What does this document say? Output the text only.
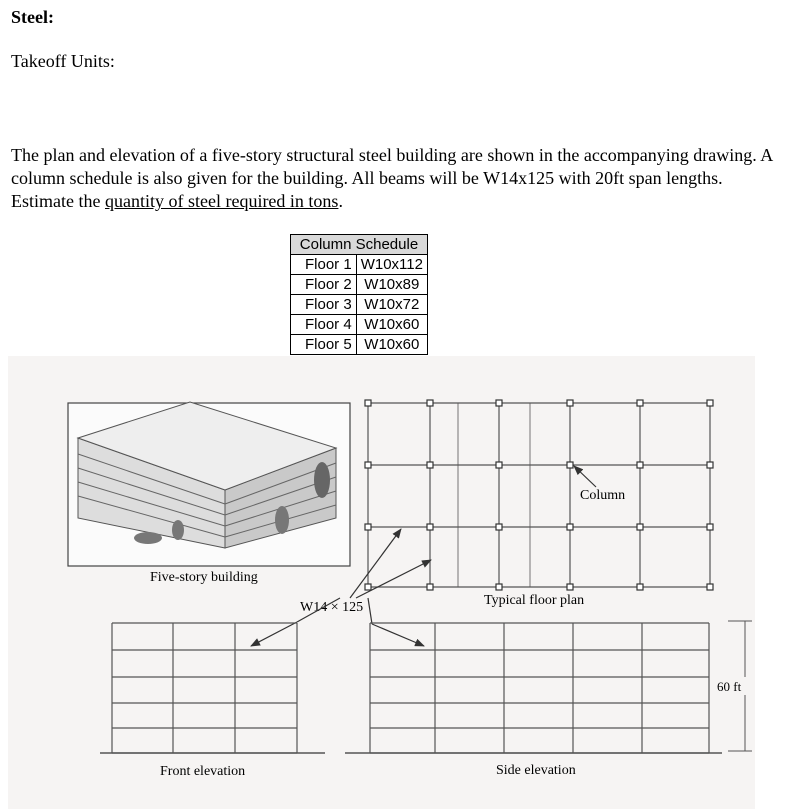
Steel:
Takeoff Units:
The plan and elevation of a five-story structural steel building are shown in the accompanying drawing. A column schedule is also given for the building. All beams will be W14x125 with 20ft span lengths. Estimate the quantity of steel required in tons.
Column Schedule	
Floor 1	W10x112
Floor 2	W10x89
Floor 3	W10x72
Floor 4	W10x60
Floor 5	W10x60
Five-story building
Column
Typical floor plan
W14 × 125
Front elevation	Side elevation
60 ft
